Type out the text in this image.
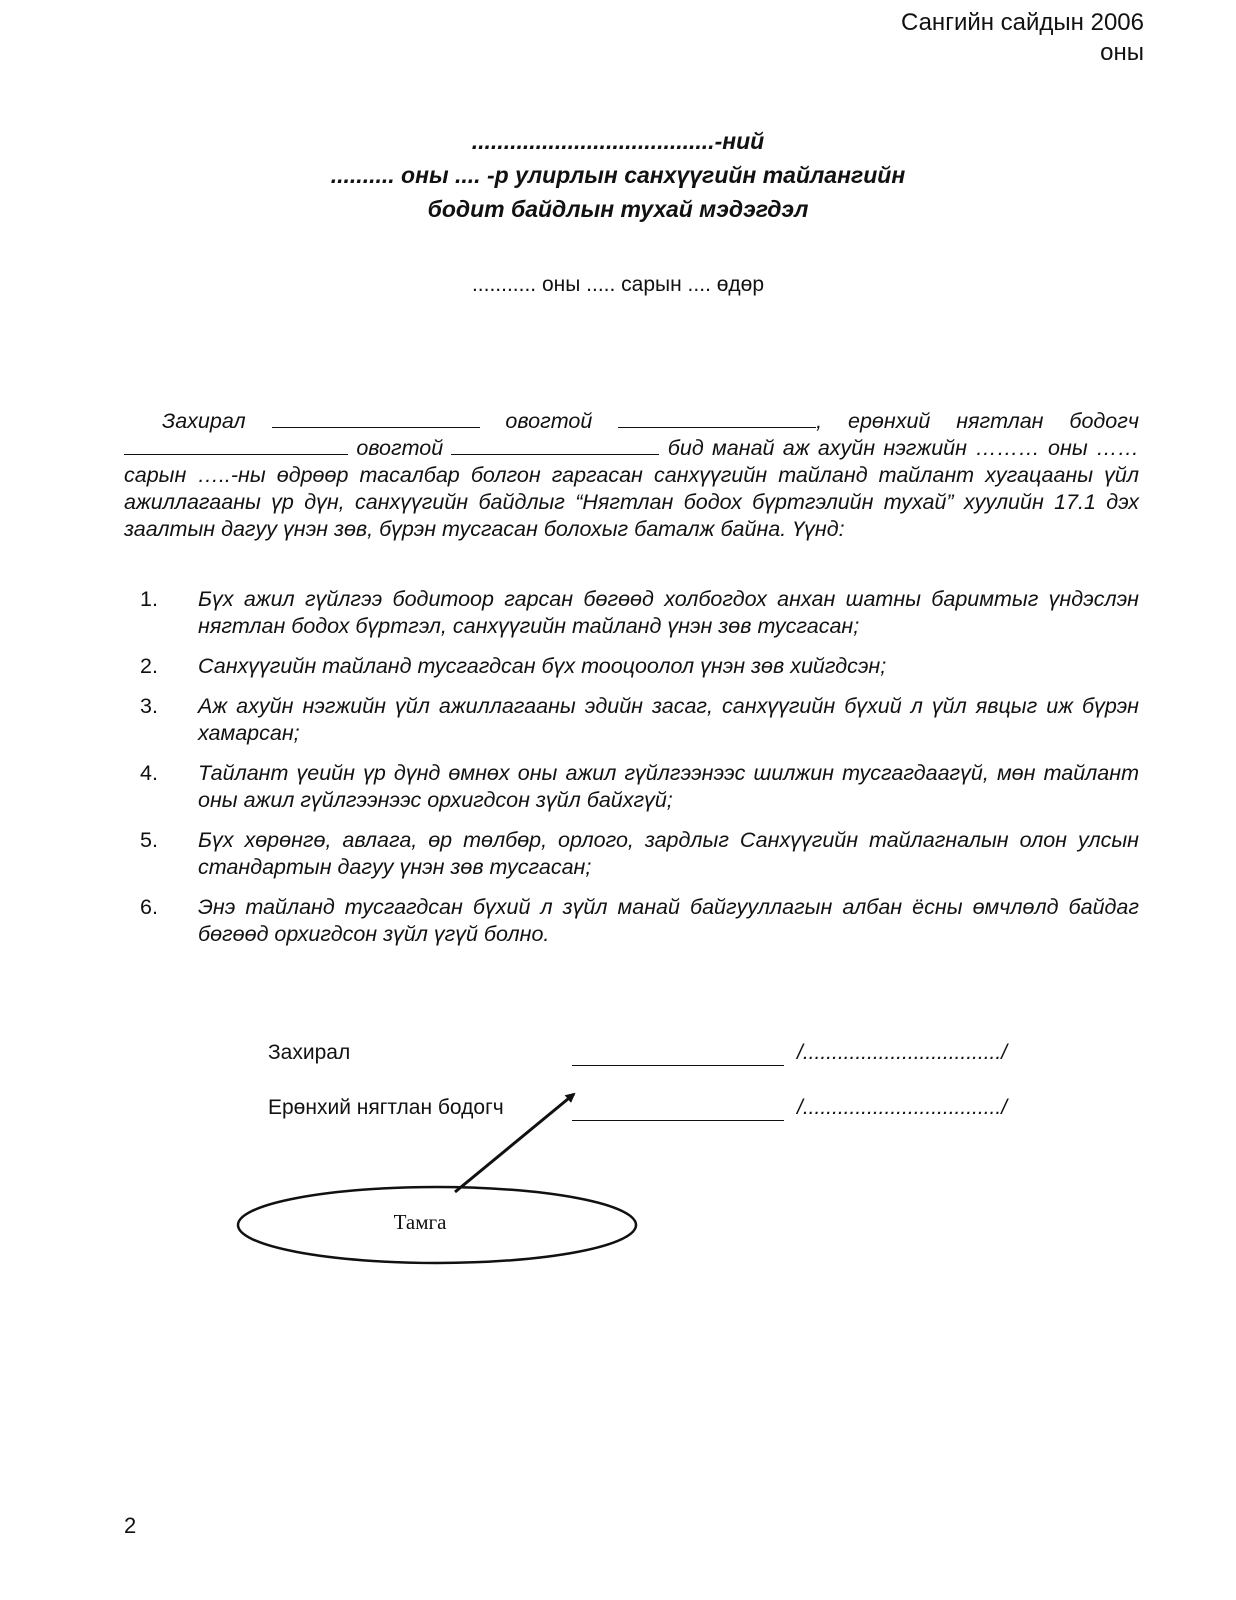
Сангийн сайдын 2006
оны
......................................-ний
.......... оны .... -р улирлын санхүүгийн тайлангийн
бодит байдлын тухай мэдэгдэл
........... оны ..... сарын .... өдөр
Захирал	овогтой	, ерөнхий нягтлан бодогч  овогтой	бид манай аж ахуйн нэгжийн ……… оны …… сарын …..-ны өдрөөр тасалбар болгон гаргасан санхүүгийн тайланд тайлант хугацааны үйл ажиллагааны үр дүн, санхүүгийн байдлыг “Нягтлан бодох бүртгэлийн тухай” хуулийн 17.1 дэх заалтын дагуу үнэн зөв, бүрэн тусгасан болохыг баталж байна. Үүнд:
1.	Бүх ажил гүйлгээ бодитоор гарсан бөгөөд холбогдох анхан шатны баримтыг үндэслэн нягтлан бодох бүртгэл, санхүүгийн тайланд үнэн зөв тусгасан;
2.	Санхүүгийн тайланд тусгагдсан бүх тооцоолол үнэн зөв хийгдсэн;
3.	Аж ахуйн нэгжийн үйл ажиллагааны эдийн засаг, санхүүгийн бүхий л үйл явцыг иж бүрэн хамарсан;
4.	Тайлант үеийн үр дүнд өмнөх оны ажил гүйлгээнээс шилжин тусгагдаагүй, мөн тайлант оны ажил гүйлгээнээс орхигдсон зүйл байхгүй;
5.	Бүх хөрөнгө, авлага, өр төлбөр, орлого, зардлыг Санхүүгийн тайлагналын олон улсын стандартын дагуу үнэн зөв тусгасан;
6.	Энэ тайланд тусгагдсан бүхий л зүйл манай байгууллагын албан ёсны өмчлөлд байдаг бөгөөд орхигдсон зүйл үгүй болно.
Захирал	/................................../
Ерөнхий нягтлан бодогч	/................................../
Тамга
2
